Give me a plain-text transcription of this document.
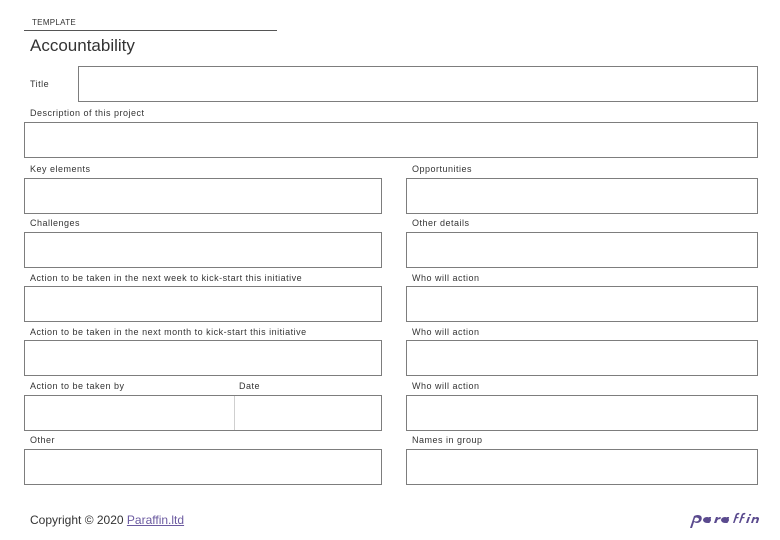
TEMPLATE
Accountability
Title
Description of this project
Key elements	Opportunities
Challenges	Other details
Action to be taken in the next week to kick-start this initiative	Who will action
Action to be taken in the next month to kick-start this initiative	Who will action
Action to be taken by	Date	Who will action
Other	Names in group
Copyright © 2020 Paraffin.ltd
